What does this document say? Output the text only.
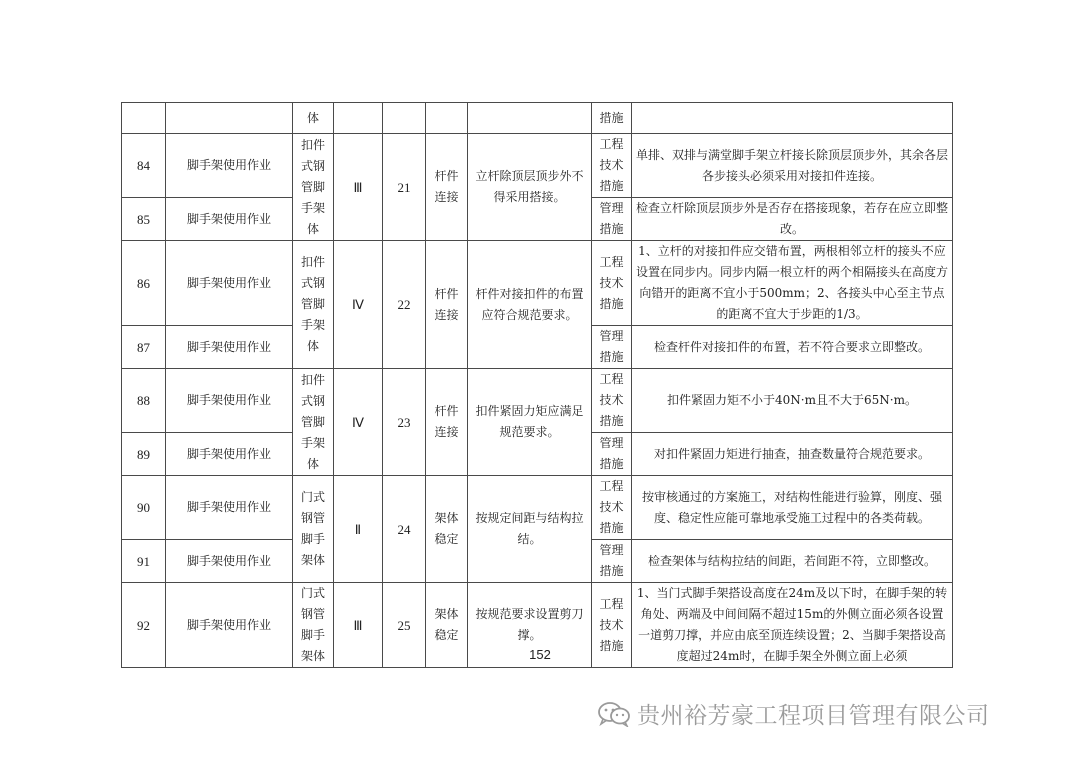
		体					措施	
84	脚手架使用作业	扣件式钢管脚手架体	Ⅲ	21	杆件连接	立杆除顶层顶步外不得采用搭接。	工程技术措施	单排、双排与满堂脚手架立杆接长除顶层顶步外，其余各层各步接头必须采用对接扣件连接。
85	脚手架使用作业						管理措施	检查立杆除顶层顶步外是否存在搭接现象，若存在应立即整改。
86	脚手架使用作业	扣件式钢管脚手架体	Ⅳ	22	杆件连接	杆件对接扣件的布置应符合规范要求。	工程技术措施	1、立杆的对接扣件应交错布置，两根相邻立杆的接头不应设置在同步内。同步内隔一根立杆的两个相隔接头在高度方向错开的距离不宜小于500mm；2、各接头中心至主节点的距离不宜大于步距的1/3。
87	脚手架使用作业						管理措施	检查杆件对接扣件的布置，若不符合要求立即整改。
88	脚手架使用作业	扣件式钢管脚手架体	Ⅳ	23	杆件连接	扣件紧固力矩应满足规范要求。	工程技术措施	扣件紧固力矩不小于40N·m且不大于65N·m。
89	脚手架使用作业						管理措施	对扣件紧固力矩进行抽查，抽查数量符合规范要求。
90	脚手架使用作业	门式钢管脚手架体	Ⅱ	24	架体稳定	按规定间距与结构拉结。	工程技术措施	按审核通过的方案施工，对结构性能进行验算，刚度、强度、稳定性应能可靠地承受施工过程中的各类荷载。
91	脚手架使用作业						管理措施	检查架体与结构拉结的间距，若间距不符，立即整改。
92	脚手架使用作业	门式钢管脚手架体	Ⅲ	25	架体稳定	按规范要求设置剪刀撑。	工程技术措施	1、当门式脚手架搭设高度在24m及以下时，在脚手架的转角处、两端及中间间隔不超过15m的外侧立面必须各设置一道剪刀撑，并应由底至顶连续设置；2、当脚手架搭设高度超过24m时，在脚手架全外侧立面上必须
152
贵州裕芳豪工程项目管理有限公司
